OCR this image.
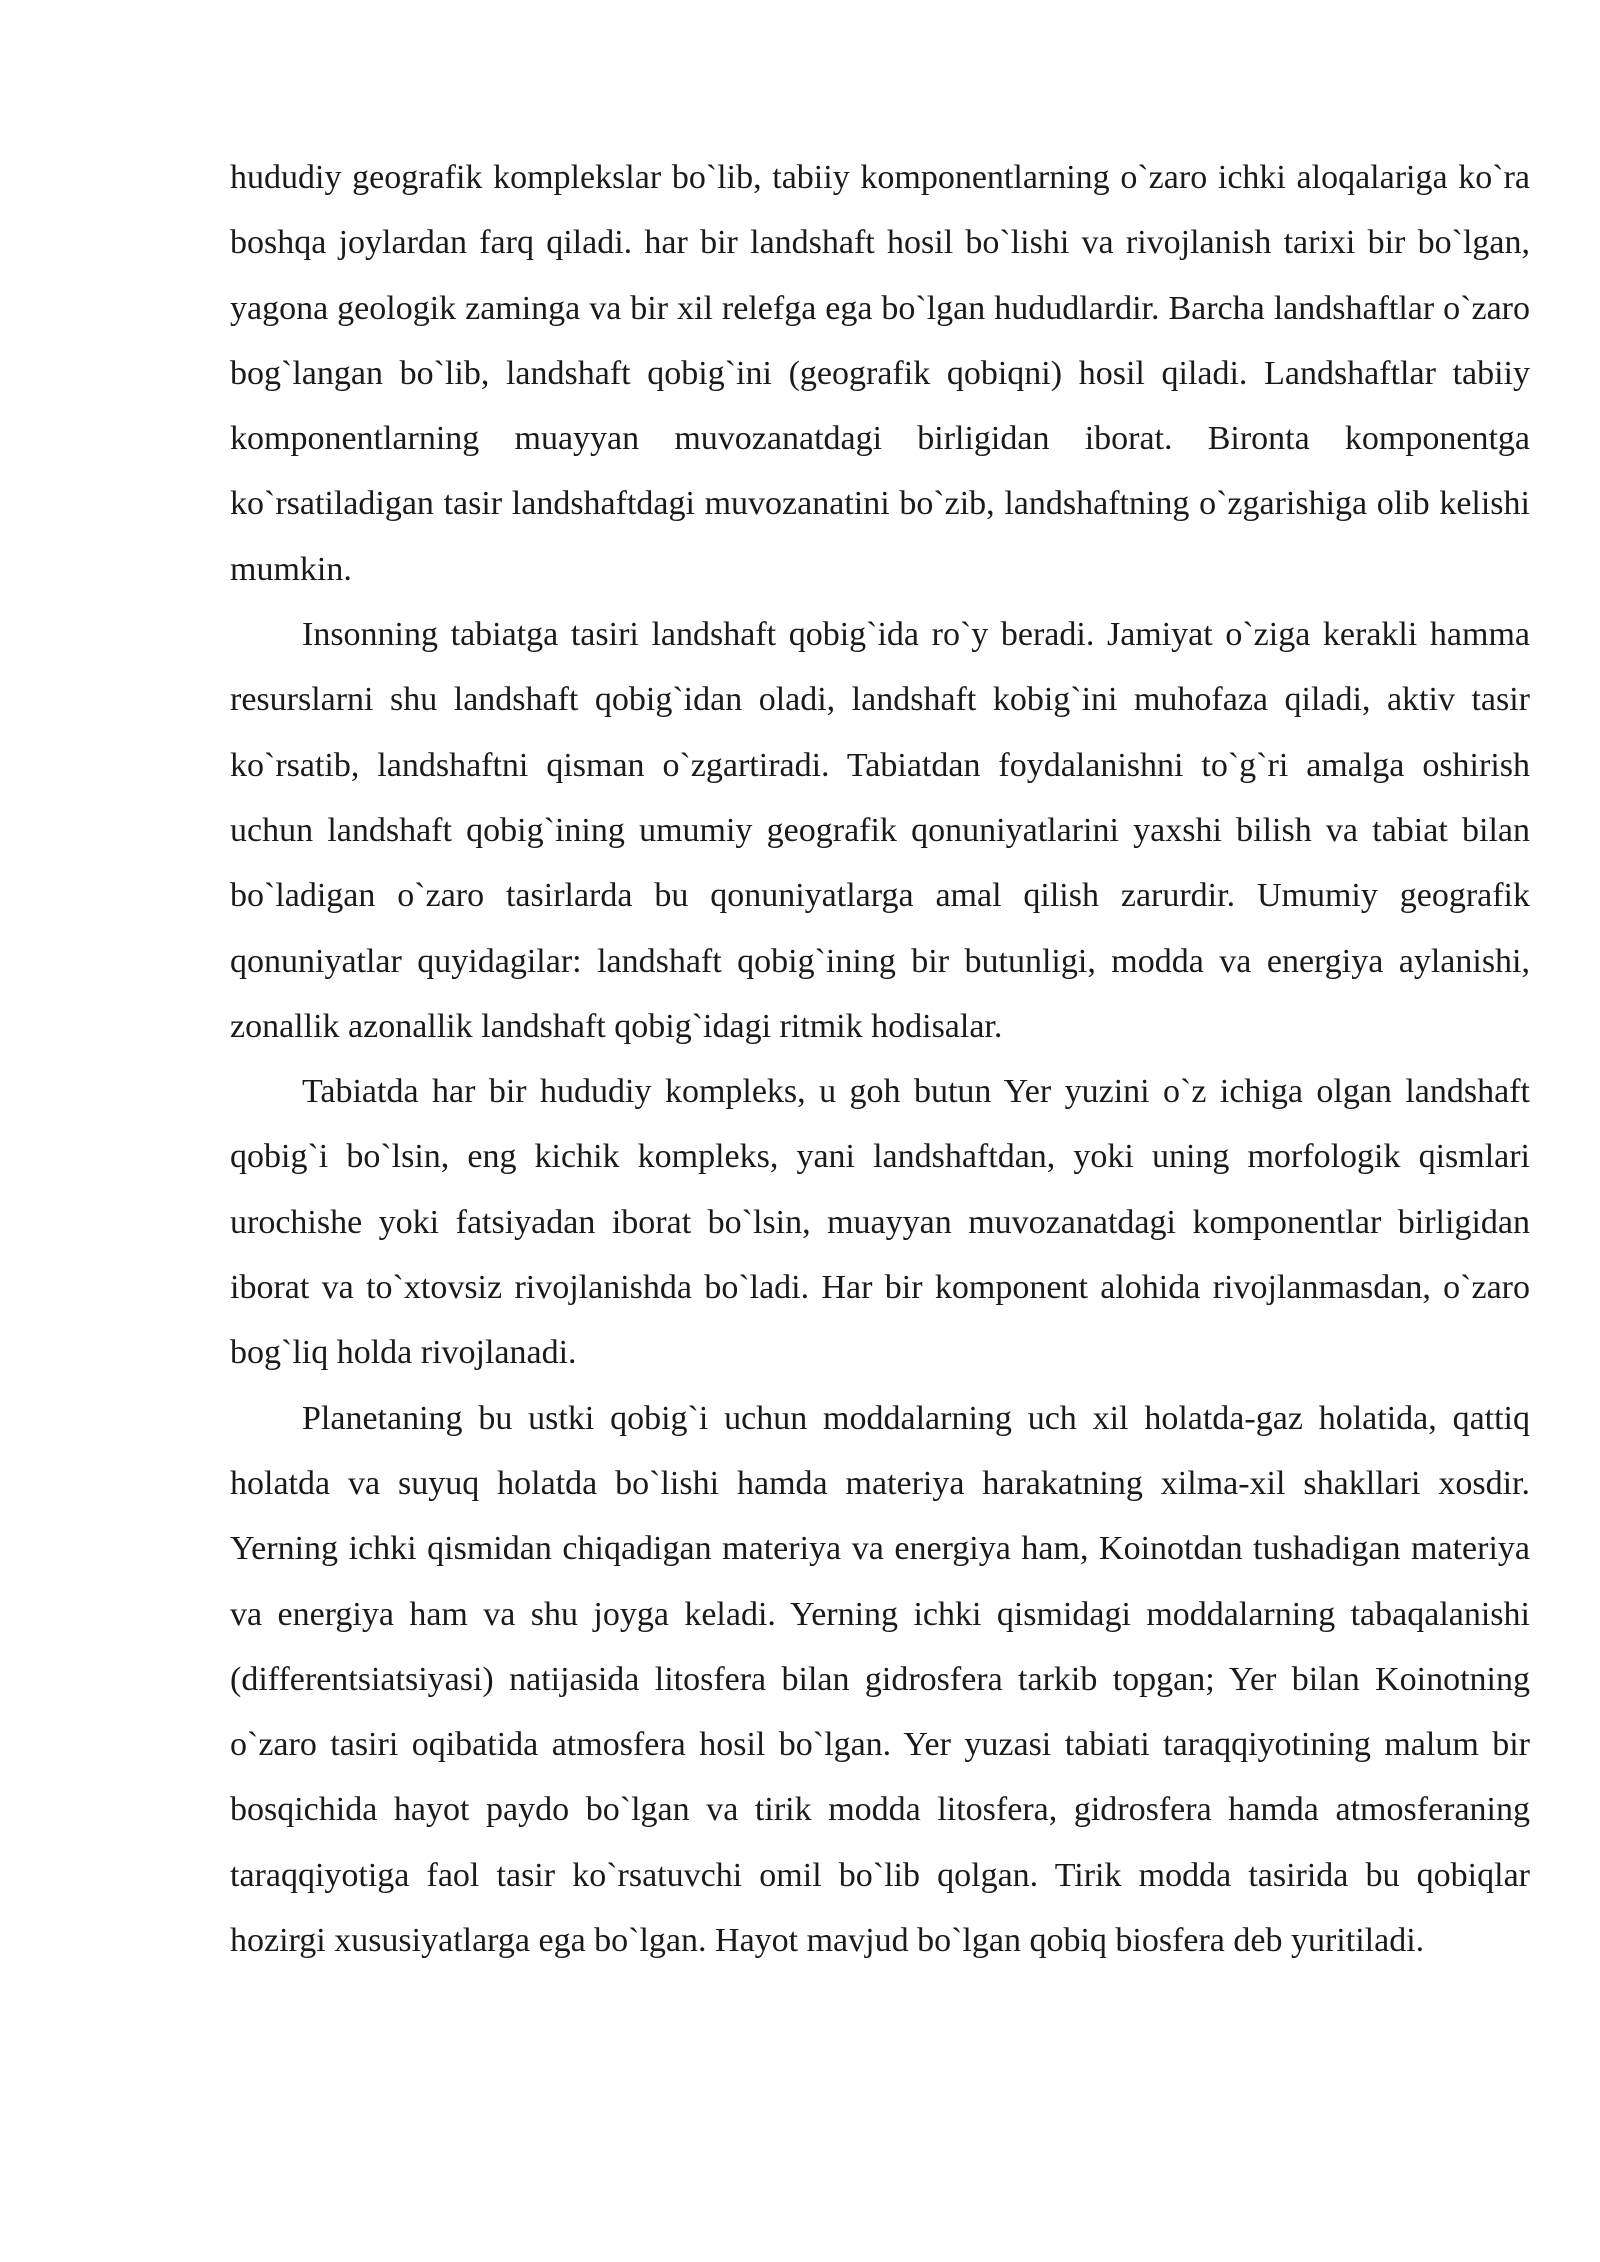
hududiy geografik komplekslar bo`lib, tabiiy komponentlarning o`zaro ichki aloqalariga ko`ra boshqa joylardan farq qiladi. har bir landshaft hosil bo`lishi va rivojlanish tarixi bir bo`lgan, yagona geologik zaminga va bir xil relefga ega bo`lgan hududlardir. Barcha landshaftlar o`zaro bog`langan bo`lib, landshaft qobig`ini (geografik qobiqni) hosil qiladi. Landshaftlar tabiiy komponentlarning muayyan muvozanatdagi birligidan iborat. Bironta komponentga ko`rsatiladigan tasir landshaftdagi muvozanatini bo`zib, landshaftning o`zgarishiga olib kelishi mumkin.

Insonning tabiatga tasiri landshaft qobig`ida ro`y beradi. Jamiyat o`ziga kerakli hamma resurslarni shu landshaft qobig`idan oladi, landshaft kobig`ini muhofaza qiladi, aktiv tasir ko`rsatib, landshaftni qisman o`zgartiradi. Tabiatdan foydalanishni to`g`ri amalga oshirish uchun landshaft qobig`ining umumiy geografik qonuniyatlarini yaxshi bilish va tabiat bilan bo`ladigan o`zaro tasirlarda bu qonuniyatlarga amal qilish zarurdir. Umumiy geografik qonuniyatlar quyidagilar: landshaft qobig`ining bir butunligi, modda va energiya aylanishi, zonallik azonallik landshaft qobig`idagi ritmik hodisalar.

Tabiatda har bir hududiy kompleks, u goh butun Yer yuzini o`z ichiga olgan landshaft qobig`i bo`lsin, eng kichik kompleks, yani landshaftdan, yoki uning morfologik qismlari urochishe yoki fatsiyadan iborat bo`lsin, muayyan muvozanatdagi komponentlar birligidan iborat va to`xtovsiz rivojlanishda bo`ladi. Har bir komponent alohida rivojlanmasdan, o`zaro bog`liq holda rivojlanadi.

Planetaning bu ustki qobig`i uchun moddalarning uch xil holatda-gaz holatida, qattiq holatda va suyuq holatda bo`lishi hamda materiya harakatning xilma-xil shakllari xosdir. Yerning ichki qismidan chiqadigan materiya va energiya ham, Koinotdan tushadigan materiya va energiya ham va shu joyga keladi. Yerning ichki qismidagi moddalarning tabaqalanishi (differentsiatsiyasi) natijasida litosfera bilan gidrosfera tarkib topgan; Yer bilan Koinotning o`zaro tasiri oqibatida atmosfera hosil bo`lgan. Yer yuzasi tabiati taraqqiyotining malum bir bosqichida hayot paydo bo`lgan va tirik modda litosfera, gidrosfera hamda atmosferaning taraqqiyotiga faol tasir ko`rsatuvchi omil bo`lib qolgan. Tirik modda tasirida bu qobiqlar hozirgi xususiyatlarga ega bo`lgan. Hayot mavjud bo`lgan qobiq biosfera deb yuritiladi.
